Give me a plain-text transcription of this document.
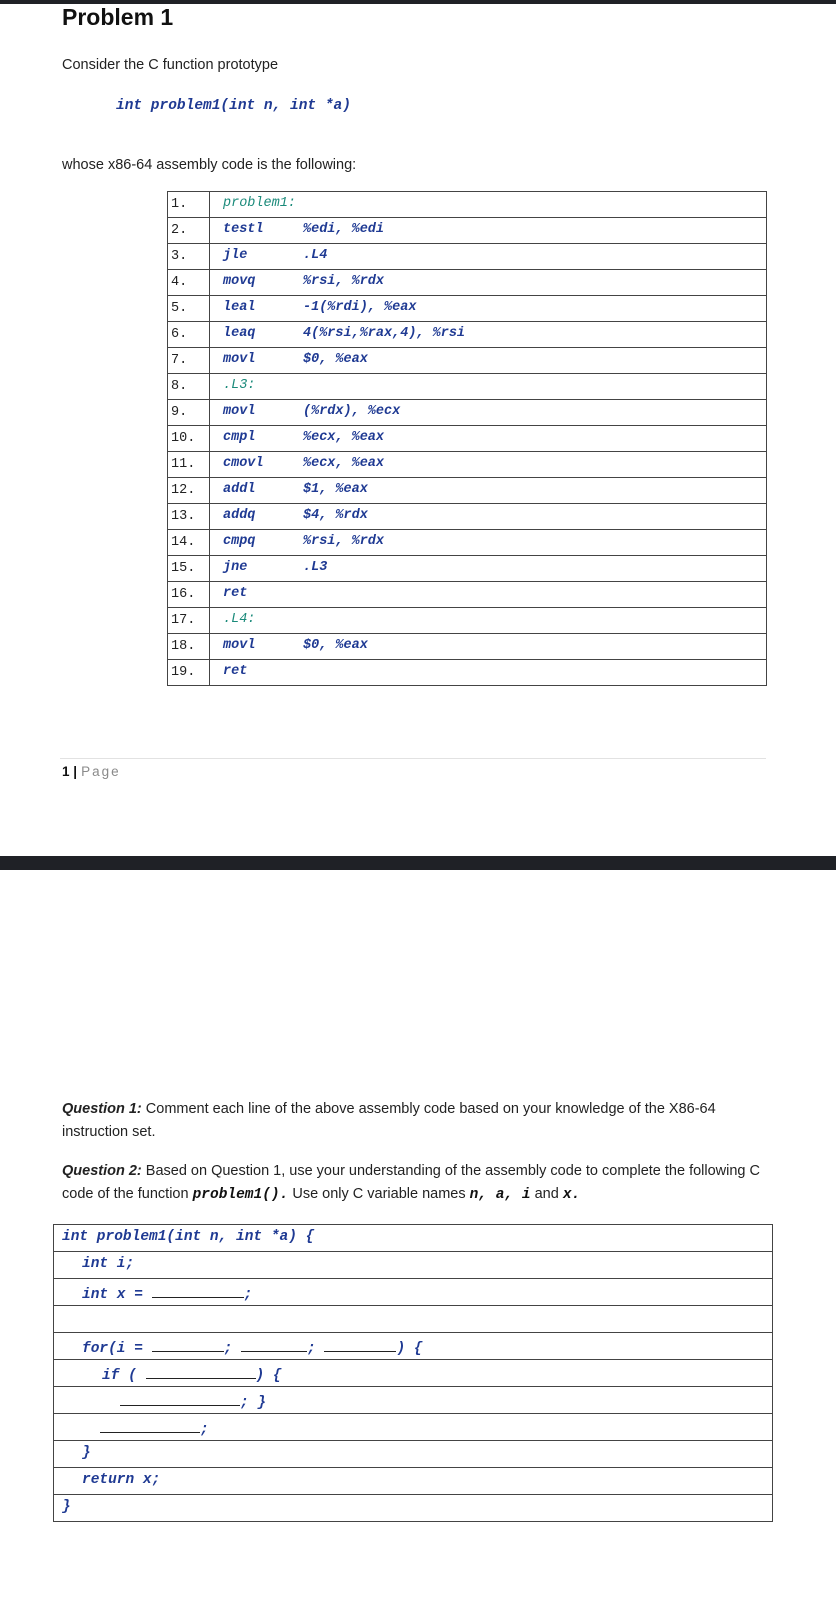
Problem 1

Consider the C function prototype

int problem1(int n, int *a)

whose x86-64 assembly code is the following:

1.	problem1:

2.	testl %edi, %edi

3.	jle .L4

4.	movq %rsi, %rdx

5.	leal -1(%rdi), %eax

6.	leaq 4(%rsi,%rax,4), %rsi

7.	movl $0, %eax

8.	.L3:

9.	movl (%rdx), %ecx

10.	cmpl %ecx, %eax

11.	cmovl %ecx, %eax

12.	addl $1, %eax

13.	addq $4, %rdx

14.	cmpq %rsi, %rdx

15.	jne .L3

16.	ret

17.	.L4:

18.	movl $0, %eax

19.	ret
1 | Page

Question 1: Comment each line of the above assembly code based on your knowledge of the X86-64 instruction set.

Question 2: Based on Question 1, use your understanding of the assembly code to complete the following C code of the function problem1(). Use only C variable names n, a, i and x.

int problem1(int n, int *a) {

int i;

int x =	;

for(i =	;	;	) {

if (	) {

; }

;

}

return x;

}
